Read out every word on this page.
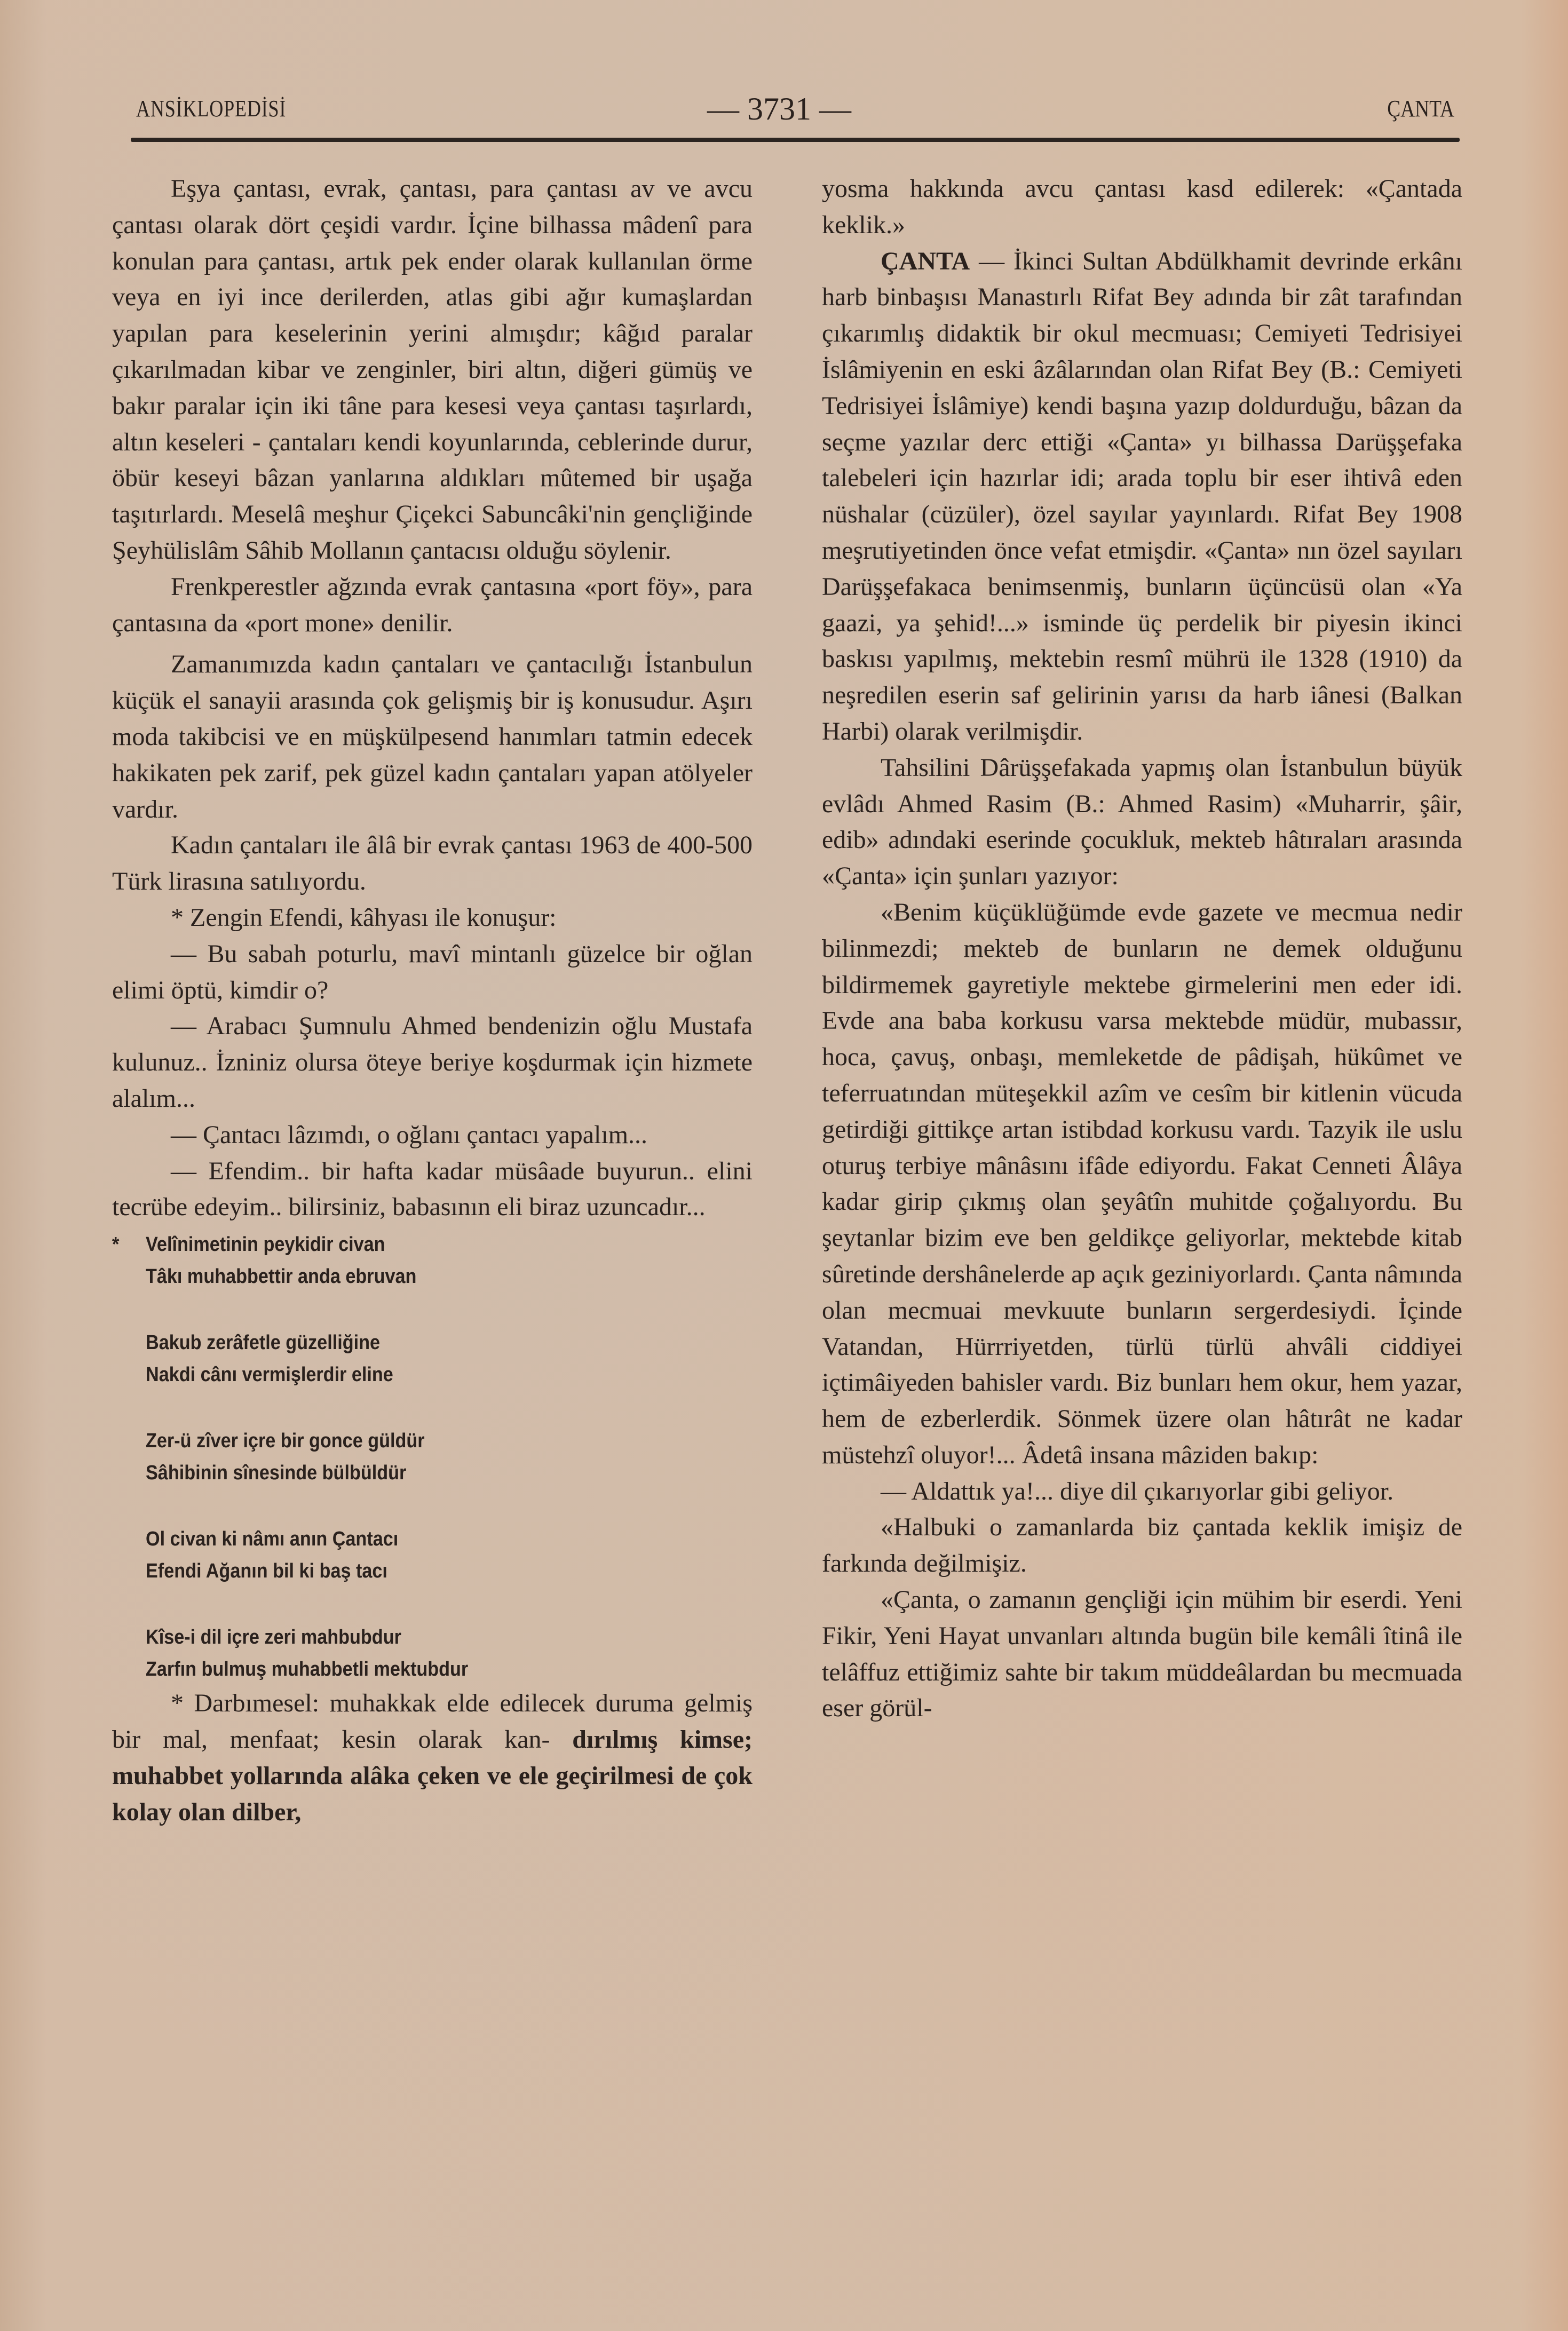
ANSİKLOPEDİSİ	— 3731 —	ÇANTA

Eşya çantası, evrak, çantası, para çantası av ve avcu çantası olarak dört çeşidi vardır. İçine bilhassa mâdenî para konulan para çantası, artık pek ender olarak kullanılan örme veya en iyi ince derilerden, atlas gibi ağır kumaşlardan yapılan para keselerinin yerini almışdır; kâğıd paralar çıkarılmadan kibar ve zenginler, biri altın, diğeri gümüş ve bakır paralar için iki tâne para kesesi veya çantası taşırlardı, altın keseleri - çantaları kendi koyunlarında, ceblerinde durur, öbür keseyi bâzan yanlarına aldıkları mûtemed bir uşağa taşıtırlardı. Meselâ meşhur Çiçekci Sabuncâki'nin gençliğinde Şeyhülislâm Sâhib Mollanın çantacısı olduğu söylenir.

Frenkperestler ağzında evrak çantasına «port föy», para çantasına da «port mone» denilir.

Zamanımızda kadın çantaları ve çantacılığı İstanbulun küçük el sanayii arasında çok gelişmiş bir iş konusudur. Aşırı moda takibcisi ve en müşkülpesend hanımları tatmin edecek hakikaten pek zarif, pek güzel kadın çantaları yapan atölyeler vardır.

Kadın çantaları ile âlâ bir evrak çantası 1963 de 400-500 Türk lirasına satılıyordu.

* Zengin Efendi, kâhyası ile konuşur:

— Bu sabah poturlu, mavî mintanlı güzelce bir oğlan elimi öptü, kimdir o?

— Arabacı Şumnulu Ahmed bendenizin oğlu Mustafa kulunuz.. İzniniz olursa öteye beriye koşdurmak için hizmete alalım...

— Çantacı lâzımdı, o oğlanı çantacı yapalım...

— Efendim.. bir hafta kadar müsâade buyurun.. elini tecrübe edeyim.. bilirsiniz, babasının eli biraz uzuncadır...

* Velînimetinin peykidir civan

Tâkı muhabbettir anda ebruvan

Bakub zerâfetle güzelliğine

Nakdi cânı vermişlerdir eline

Zer-ü zîver içre bir gonce güldür

Sâhibinin sînesinde bülbüldür

Ol civan ki nâmı anın Çantacı

Efendi Ağanın bil ki baş tacı

Kîse-i dil içre zeri mahbubdur

Zarfın bulmuş muhabbetli mektubdur

* Darbımesel: muhakkak elde edilecek duruma gelmiş bir mal, menfaat; kesin olarak kan- dırılmış kimse; muhabbet yollarında alâka çeken ve ele geçirilmesi de çok kolay olan dilber,

yosma hakkında avcu çantası kasd edilerek: «Çantada keklik.»

ÇANTA — İkinci Sultan Abdülkhamit devrinde erkânı harb binbaşısı Manastırlı Rifat Bey adında bir zât tarafından çıkarımlış didaktik bir okul mecmuası; Cemiyeti Tedrisiyei İslâmiyenin en eski âzâlarından olan Rifat Bey (B.: Cemiyeti Tedrisiyei İslâmiye) kendi başına yazıp doldurduğu, bâzan da seçme yazılar derc ettiği «Çanta» yı bilhassa Darüşşefaka talebeleri için hazırlar idi; arada toplu bir eser ihtivâ eden nüshalar (cüzüler), özel sayılar yayınlardı. Rifat Bey 1908 meşrutiyetinden önce vefat etmişdir. «Çanta» nın özel sayıları Darüşşefakaca benimsenmiş, bunların üçüncüsü olan «Ya gaazi, ya şehid!...» isminde üç perdelik bir piyesin ikinci baskısı yapılmış, mektebin resmî mührü ile 1328 (1910) da neşredilen eserin saf gelirinin yarısı da harb iânesi (Balkan Harbi) olarak verilmişdir.

Tahsilini Dârüşşefakada yapmış olan İstanbulun büyük evlâdı Ahmed Rasim (B.: Ahmed Rasim) «Muharrir, şâir, edib» adındaki eserinde çocukluk, mekteb hâtıraları arasında «Çanta» için şunları yazıyor:

«Benim küçüklüğümde evde gazete ve mecmua nedir bilinmezdi; mekteb de bunların ne demek olduğunu bildirmemek gayretiyle mektebe girmelerini men eder idi. Evde ana baba korkusu varsa mektebde müdür, mubassır, hoca, çavuş, onbaşı, memleketde de pâdişah, hükûmet ve teferruatından müteşekkil azîm ve cesîm bir kitlenin vücuda getirdiği gittikçe artan istibdad korkusu vardı. Tazyik ile uslu oturuş terbiye mânâsını ifâde ediyordu. Fakat Cenneti Âlâya kadar girip çıkmış olan şeyâtîn muhitde çoğalıyordu. Bu şeytanlar bizim eve ben geldikçe geliyorlar, mektebde kitab sûretinde dershânelerde ap açık geziniyorlardı. Çanta nâmında olan mecmuai mevkuute bunların sergerdesiydi. İçinde Vatandan, Hürrriyetden, türlü türlü ahvâli ciddiyei içtimâiyeden bahisler vardı. Biz bunları hem okur, hem yazar, hem de ezberlerdik. Sönmek üzere olan hâtırât ne kadar müstehzî oluyor!... Âdetâ insana mâziden bakıp:

— Aldattık ya!... diye dil çıkarıyorlar gibi geliyor.

«Halbuki o zamanlarda biz çantada keklik imişiz de farkında değilmişiz.

«Çanta, o zamanın gençliği için mühim bir eserdi. Yeni Fikir, Yeni Hayat unvanları altında bugün bile kemâli îtinâ ile telâffuz ettiğimiz sahte bir takım müddeâlardan bu mecmuada eser görül-
